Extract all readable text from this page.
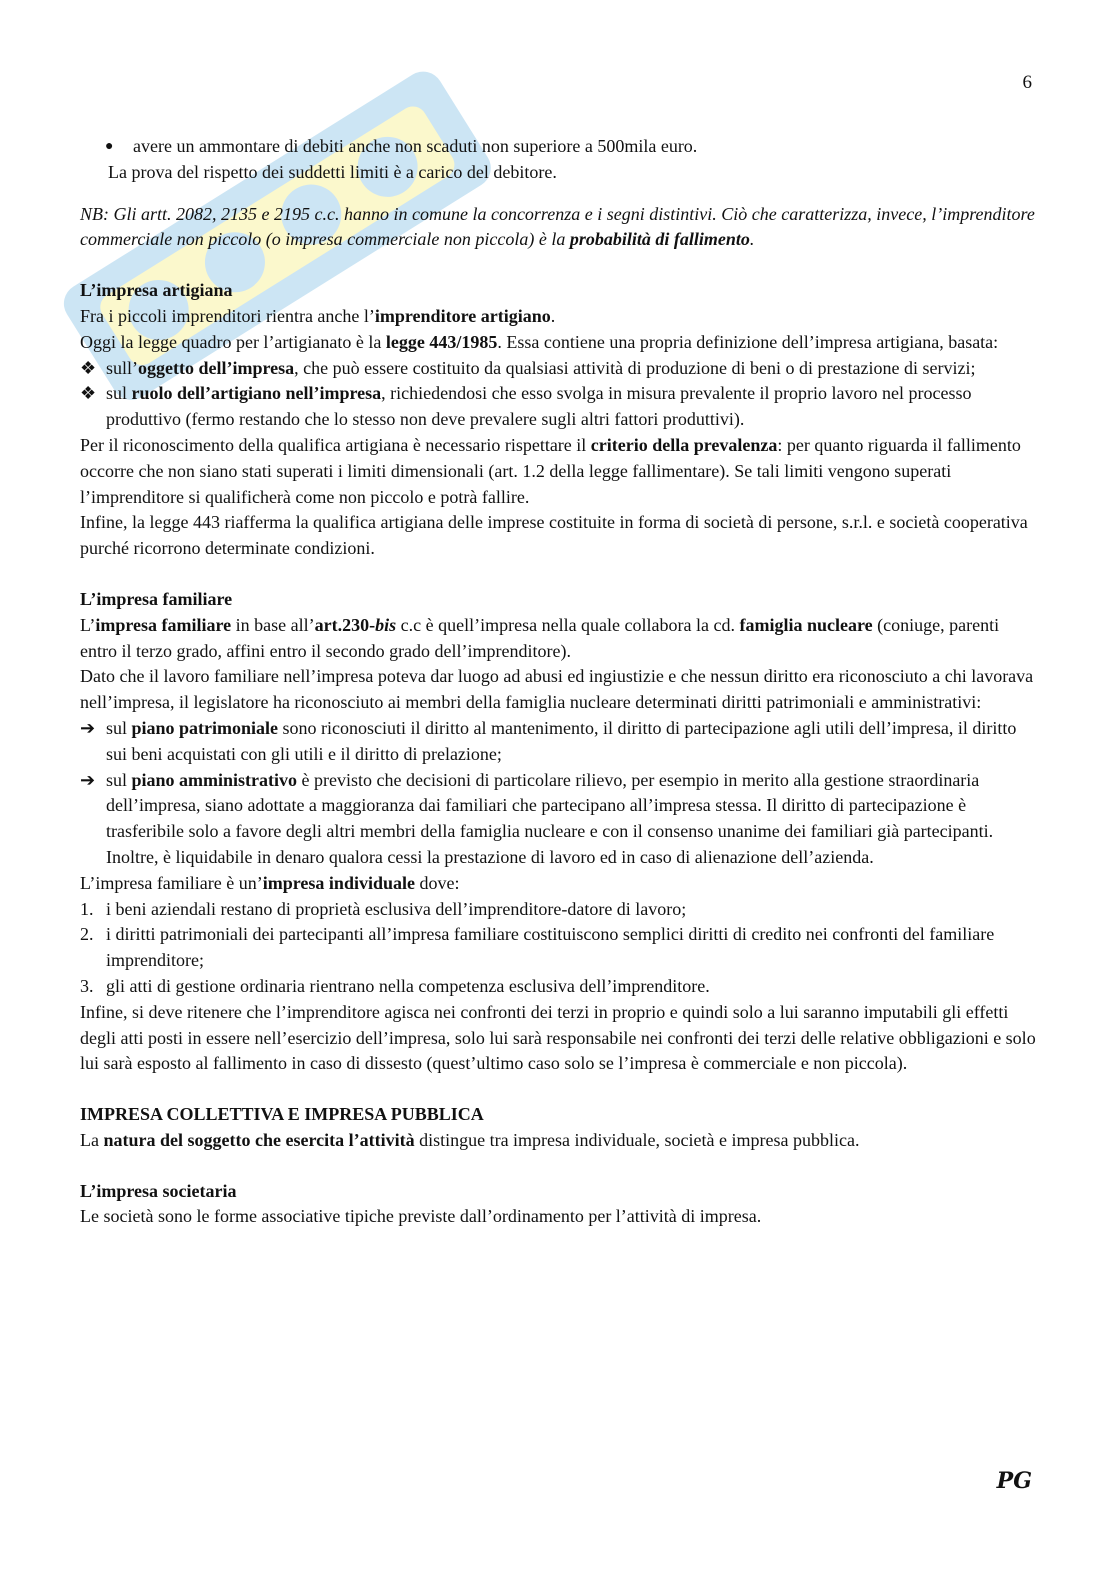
6
●	avere un ammontare di debiti anche non scaduti non superiore a 500mila euro.

La prova del rispetto dei suddetti limiti è a carico del debitore.

NB: Gli artt. 2082, 2135 e 2195 c.c. hanno in comune la concorrenza e i segni distintivi. Ciò che caratterizza, invece, l’imprenditore commerciale non piccolo (o impresa commerciale non piccola) è la probabilità di fallimento.

L’impresa artigiana

Fra i piccoli imprenditori rientra anche l’imprenditore artigiano.

Oggi la legge quadro per l’artigianato è la legge 443/1985. Essa contiene una propria definizione dell’impresa artigiana, basata:

❖ sull’oggetto dell’impresa, che può essere costituito da qualsiasi attività di produzione di beni o di prestazione di servizi;
❖ sul ruolo dell’artigiano nell’impresa, richiedendosi che esso svolga in misura prevalente il proprio lavoro nel processo produttivo (fermo restando che lo stesso non deve prevalere sugli altri fattori produttivi).

Per il riconoscimento della qualifica artigiana è necessario rispettare il criterio della prevalenza: per quanto riguarda il fallimento occorre che non siano stati superati i limiti dimensionali (art. 1.2 della legge fallimentare). Se tali limiti vengono superati l’imprenditore si qualificherà come non piccolo e potrà fallire.

Infine, la legge 443 riafferma la qualifica artigiana delle imprese costituite in forma di società di persone, s.r.l. e società cooperativa purché ricorrono determinate condizioni.

L’impresa familiare

L’impresa familiare in base all’art.230-bis c.c è quell’impresa nella quale collabora la cd. famiglia nucleare (coniuge, parenti entro il terzo grado, affini entro il secondo grado dell’imprenditore).

Dato che il lavoro familiare nell’impresa poteva dar luogo ad abusi ed ingiustizie e che nessun diritto era riconosciuto a chi lavorava nell’impresa, il legislatore ha riconosciuto ai membri della famiglia nucleare determinati diritti patrimoniali e amministrativi:

➔ sul piano patrimoniale sono riconosciuti il diritto al mantenimento, il diritto di partecipazione agli utili dell’impresa, il diritto sui beni acquistati con gli utili e il diritto di prelazione;
➔ sul piano amministrativo è previsto che decisioni di particolare rilievo, per esempio in merito alla gestione straordinaria dell’impresa, siano adottate a maggioranza dai familiari che partecipano all’impresa stessa. Il diritto di partecipazione è trasferibile solo a favore degli altri membri della famiglia nucleare e con il consenso unanime dei familiari già partecipanti. Inoltre, è liquidabile in denaro qualora cessi la prestazione di lavoro ed in caso di alienazione dell’azienda.

L’impresa familiare è un’impresa individuale dove:

1. i beni aziendali restano di proprietà esclusiva dell’imprenditore-datore di lavoro;
2. i diritti patrimoniali dei partecipanti all’impresa familiare costituiscono semplici diritti di credito nei confronti del familiare imprenditore;
3. gli atti di gestione ordinaria rientrano nella competenza esclusiva dell’imprenditore.

Infine, si deve ritenere che l’imprenditore agisca nei confronti dei terzi in proprio e quindi solo a lui saranno imputabili gli effetti degli atti posti in essere nell’esercizio dell’impresa, solo lui sarà responsabile nei confronti dei terzi delle relative obbligazioni e solo lui sarà esposto al fallimento in caso di dissesto (quest’ultimo caso solo se l’impresa è commerciale e non piccola).

IMPRESA COLLETTIVA E IMPRESA PUBBLICA

La natura del soggetto che esercita l’attività distingue tra impresa individuale, società e impresa pubblica.

L’impresa societaria

Le società sono le forme associative tipiche previste dall’ordinamento per l’attività di impresa.

PG
